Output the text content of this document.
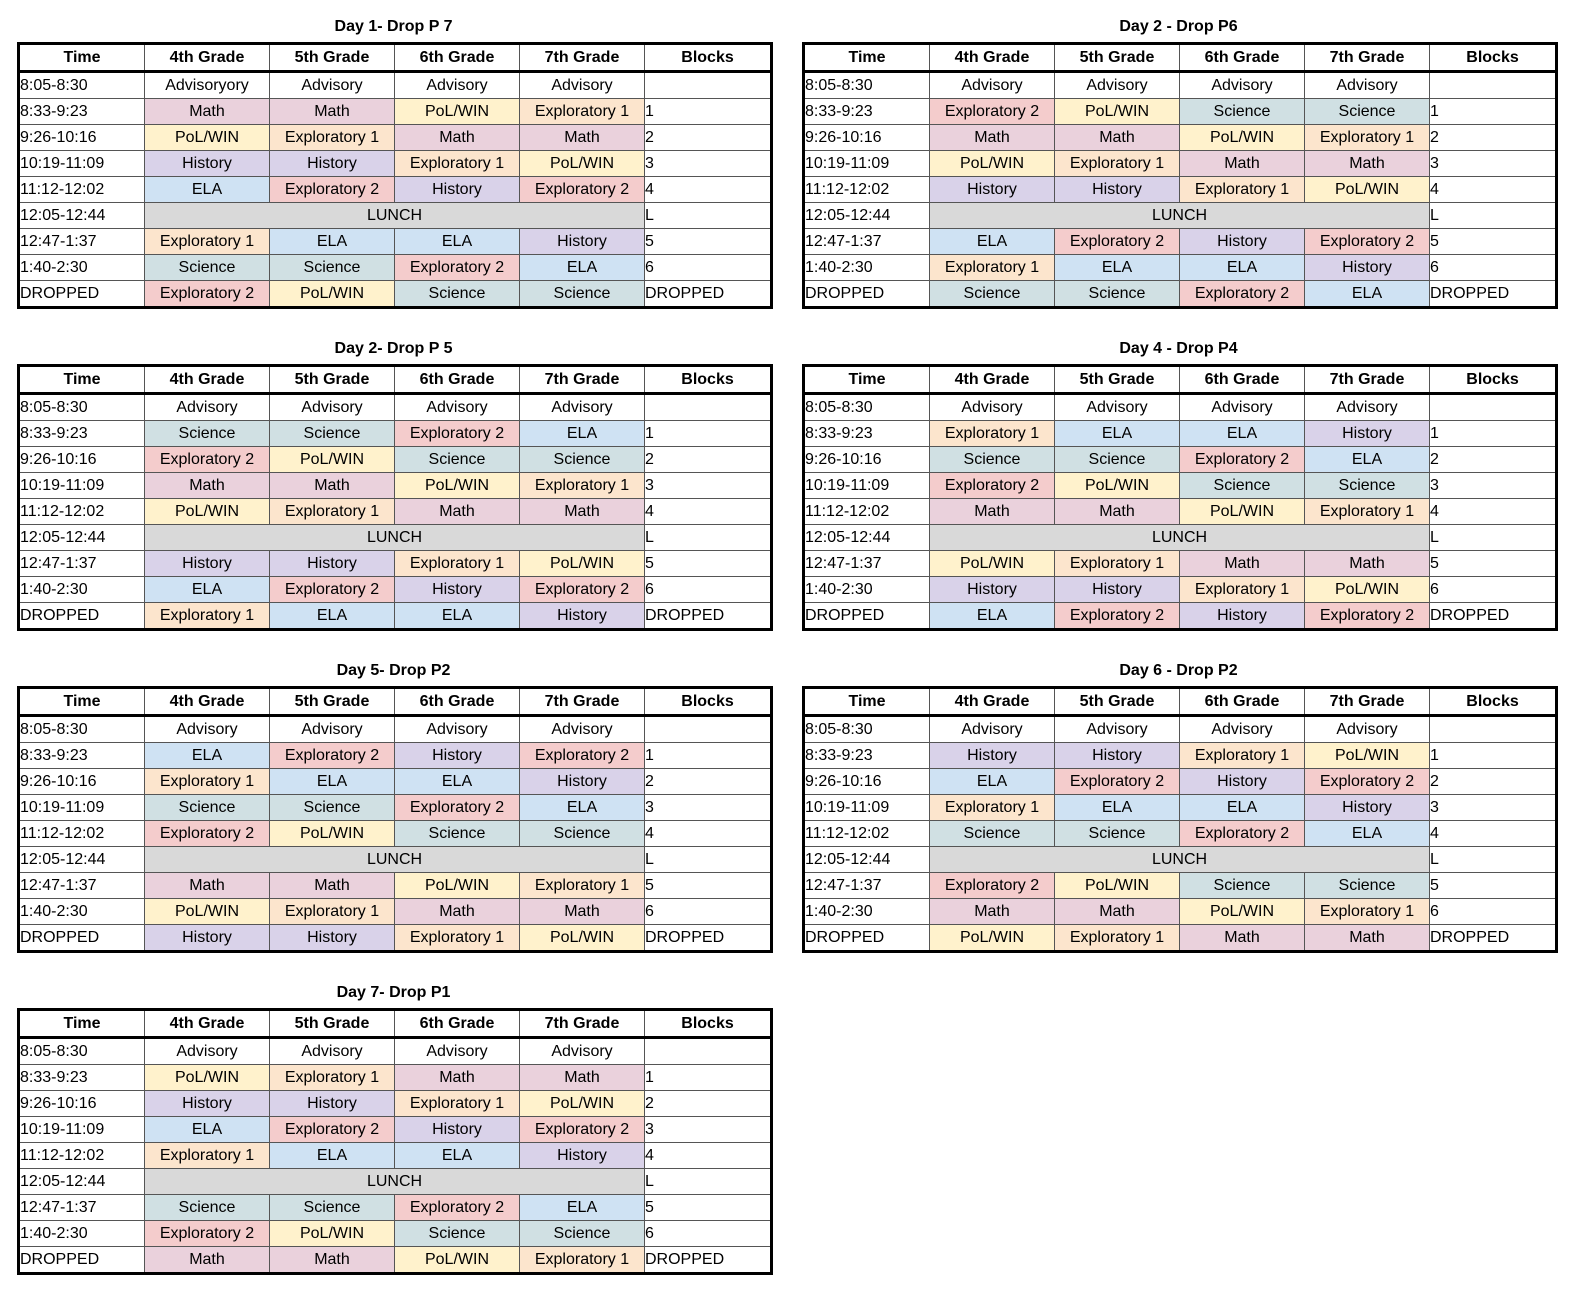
Day 1- Drop P 7
Time	4th Grade	5th Grade	6th Grade	7th Grade	Blocks
8:05-8:30	Advisoryory	Advisory	Advisory	Advisory	
8:33-9:23	Math	Math	PoL/WIN	Exploratory 1	1
9:26-10:16	PoL/WIN	Exploratory 1	Math	Math	2
10:19-11:09	History	History	Exploratory 1	PoL/WIN	3
11:12-12:02	ELA	Exploratory 2	History	Exploratory 2	4
12:05-12:44	LUNCH				L
12:47-1:37	Exploratory 1	ELA	ELA	History	5
1:40-2:30	Science	Science	Exploratory 2	ELA	6
DROPPED	Exploratory 2	PoL/WIN	Science	Science	DROPPED
Day 2 - Drop P6
Time	4th Grade	5th Grade	6th Grade	7th Grade	Blocks
8:05-8:30	Advisory	Advisory	Advisory	Advisory	
8:33-9:23	Exploratory 2	PoL/WIN	Science	Science	1
9:26-10:16	Math	Math	PoL/WIN	Exploratory 1	2
10:19-11:09	PoL/WIN	Exploratory 1	Math	Math	3
11:12-12:02	History	History	Exploratory 1	PoL/WIN	4
12:05-12:44	LUNCH				L
12:47-1:37	ELA	Exploratory 2	History	Exploratory 2	5
1:40-2:30	Exploratory 1	ELA	ELA	History	6
DROPPED	Science	Science	Exploratory 2	ELA	DROPPED
Day 2- Drop P 5
Time	4th Grade	5th Grade	6th Grade	7th Grade	Blocks
8:05-8:30	Advisory	Advisory	Advisory	Advisory	
8:33-9:23	Science	Science	Exploratory 2	ELA	1
9:26-10:16	Exploratory 2	PoL/WIN	Science	Science	2
10:19-11:09	Math	Math	PoL/WIN	Exploratory 1	3
11:12-12:02	PoL/WIN	Exploratory 1	Math	Math	4
12:05-12:44	LUNCH				L
12:47-1:37	History	History	Exploratory 1	PoL/WIN	5
1:40-2:30	ELA	Exploratory 2	History	Exploratory 2	6
DROPPED	Exploratory 1	ELA	ELA	History	DROPPED
Day 4 - Drop P4
Time	4th Grade	5th Grade	6th Grade	7th Grade	Blocks
8:05-8:30	Advisory	Advisory	Advisory	Advisory	
8:33-9:23	Exploratory 1	ELA	ELA	History	1
9:26-10:16	Science	Science	Exploratory 2	ELA	2
10:19-11:09	Exploratory 2	PoL/WIN	Science	Science	3
11:12-12:02	Math	Math	PoL/WIN	Exploratory 1	4
12:05-12:44	LUNCH				L
12:47-1:37	PoL/WIN	Exploratory 1	Math	Math	5
1:40-2:30	History	History	Exploratory 1	PoL/WIN	6
DROPPED	ELA	Exploratory 2	History	Exploratory 2	DROPPED
Day 5- Drop P2
Time	4th Grade	5th Grade	6th Grade	7th Grade	Blocks
8:05-8:30	Advisory	Advisory	Advisory	Advisory	
8:33-9:23	ELA	Exploratory 2	History	Exploratory 2	1
9:26-10:16	Exploratory 1	ELA	ELA	History	2
10:19-11:09	Science	Science	Exploratory 2	ELA	3
11:12-12:02	Exploratory 2	PoL/WIN	Science	Science	4
12:05-12:44	LUNCH				L
12:47-1:37	Math	Math	PoL/WIN	Exploratory 1	5
1:40-2:30	PoL/WIN	Exploratory 1	Math	Math	6
DROPPED	History	History	Exploratory 1	PoL/WIN	DROPPED
Day 6 - Drop P2
Time	4th Grade	5th Grade	6th Grade	7th Grade	Blocks
8:05-8:30	Advisory	Advisory	Advisory	Advisory	
8:33-9:23	History	History	Exploratory 1	PoL/WIN	1
9:26-10:16	ELA	Exploratory 2	History	Exploratory 2	2
10:19-11:09	Exploratory 1	ELA	ELA	History	3
11:12-12:02	Science	Science	Exploratory 2	ELA	4
12:05-12:44	LUNCH				L
12:47-1:37	Exploratory 2	PoL/WIN	Science	Science	5
1:40-2:30	Math	Math	PoL/WIN	Exploratory 1	6
DROPPED	PoL/WIN	Exploratory 1	Math	Math	DROPPED
Day 7- Drop P1
Time	4th Grade	5th Grade	6th Grade	7th Grade	Blocks
8:05-8:30	Advisory	Advisory	Advisory	Advisory	
8:33-9:23	PoL/WIN	Exploratory 1	Math	Math	1
9:26-10:16	History	History	Exploratory 1	PoL/WIN	2
10:19-11:09	ELA	Exploratory 2	History	Exploratory 2	3
11:12-12:02	Exploratory 1	ELA	ELA	History	4
12:05-12:44	LUNCH				L
12:47-1:37	Science	Science	Exploratory 2	ELA	5
1:40-2:30	Exploratory 2	PoL/WIN	Science	Science	6
DROPPED	Math	Math	PoL/WIN	Exploratory 1	DROPPED
